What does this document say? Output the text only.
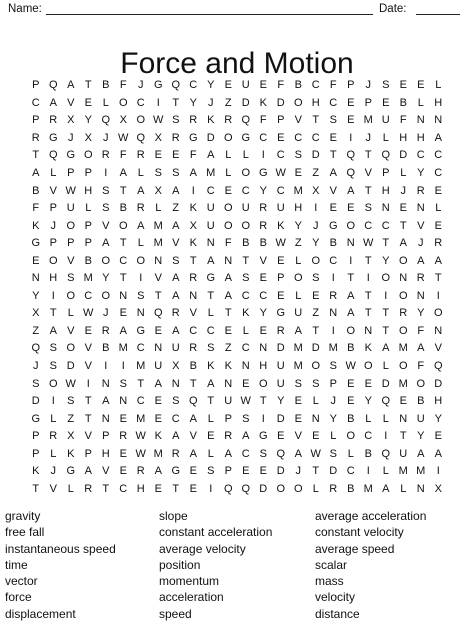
Name:	Date:
Force and Motion
P Q A T B F	J G Q C Y E U E F B C F P	J	S E E L
C A V E L O C	I	T Y	J	Z D K D O H C E P E B L H
P R X Y Q X O W S R K R Q F P V T S E M U F N N
R G J	X	J W Q X R G D O G C E C C E	I	J	L H H A
T Q G O R F R E E F A L	L	I	C S D T Q T Q D C C
A L P P	I	A L S S A M L O G W E Z A Q V P L Y C
B V W H S T A X A	I	C E C Y C M X V A T H J R E
F P U L S B R L	Z K U O U R U H	I	E E S N E N L
K	J O P V O A M A X U O O R K Y	J G O C C T V E
G P P P A T	L M V K N F B B W Z Y B N W T A	J R
E O V B O C O N S T A N T V E L O C	I	T Y O A A
N H S M Y T	I	V A R G A S E P O S	I	T	I	O N R T
Y	I	O C O N S T A N T A C C E L E R A T	I	O N	I
X T	L W J	E N Q R V L	T K Y G U Z N A T T R Y O
Z A V E R A G E A C C E L E R A T	I	O N T O F N
Q S O V B M C N U R S Z C N D M D M B K A M A V
J	S D V	I	I	M U X B K K N H U M O S W O L O F Q
S O W I	N S T A N T A N E O U S S P E E D M O D
D	I	S T A N C E S Q T U W T Y E L	J	E Y Q E B H
G L	Z T N E M E C A L P S	I	D E N Y B L	L N U Y
P R X V P R W K A V E R A G E V E L O C	I	T Y E
P L K P H E W M R A L A C S Q A W S L B Q U A A
K	J G A V E R A G E S P E E D J	T D C	I	L M M	I
T V L R T C H E T E	I	Q Q D O O L R B M A L N X
gravity
free fall
instantaneous speed
time
vector
force
displacement
slope
constant acceleration
average velocity
position
momentum
acceleration
speed
average acceleration
constant velocity
average speed
scalar
mass
velocity
distance
